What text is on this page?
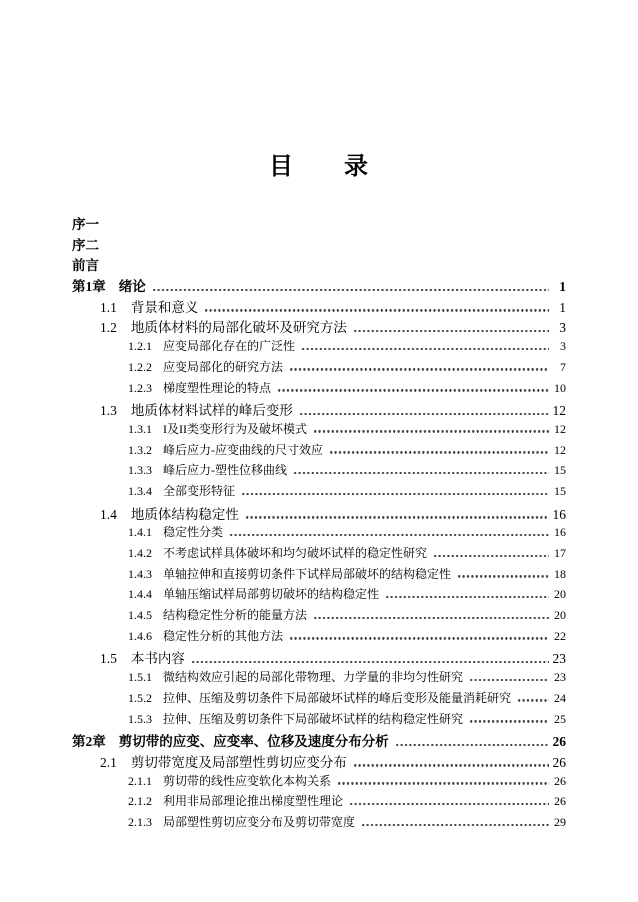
目　　录
序一
序二
前言
第1章 绪论	1
1.1 背景和意义	1
1.2 地质体材料的局部化破坏及研究方法	3
1.2.1 应变局部化存在的广泛性	3
1.2.2 应变局部化的研究方法	7
1.2.3 梯度塑性理论的特点	10
1.3 地质体材料试样的峰后变形	12
1.3.1 I及II类变形行为及破坏模式	12
1.3.2 峰后应力-应变曲线的尺寸效应	12
1.3.3 峰后应力-塑性位移曲线	15
1.3.4 全部变形特征	15
1.4 地质体结构稳定性	16
1.4.1 稳定性分类	16
1.4.2 不考虑试样具体破坏和均匀破坏试样的稳定性研究	17
1.4.3 单轴拉伸和直接剪切条件下试样局部破坏的结构稳定性	18
1.4.4 单轴压缩试样局部剪切破坏的结构稳定性	20
1.4.5 结构稳定性分析的能量方法	20
1.4.6 稳定性分析的其他方法	22
1.5 本书内容	23
1.5.1 微结构效应引起的局部化带物理、力学量的非均匀性研究	23
1.5.2 拉伸、压缩及剪切条件下局部破坏试样的峰后变形及能量消耗研究	24
1.5.3 拉伸、压缩及剪切条件下局部破坏试样的结构稳定性研究	25
第2章 剪切带的应变、应变率、位移及速度分布分析	26
2.1 剪切带宽度及局部塑性剪切应变分布	26
2.1.1 剪切带的线性应变软化本构关系	26
2.1.2 利用非局部理论推出梯度塑性理论	26
2.1.3 局部塑性剪切应变分布及剪切带宽度	29
